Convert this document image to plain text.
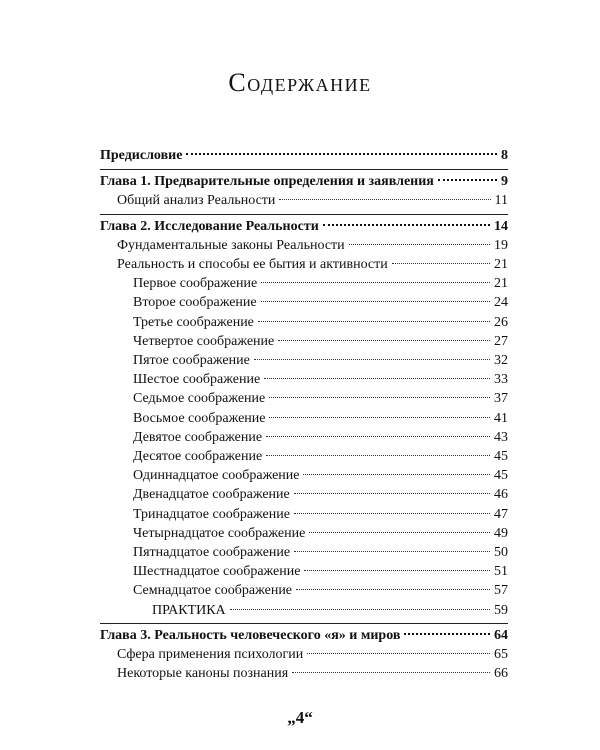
Содержание
Предисловие	8
Глава 1. Предварительные определения и заявления	9
Общий анализ Реальности	11
Глава 2. Исследование Реальности	14
Фундаментальные законы Реальности	19
Реальность и способы ее бытия и активности	21
Первое соображение	21
Второе соображение	24
Третье соображение	26
Четвертое соображение	27
Пятое соображение	32
Шестое соображение	33
Седьмое соображение	37
Восьмое соображение	41
Девятое соображение	43
Десятое соображение	45
Одиннадцатое соображение	45
Двенадцатое соображение	46
Тринадцатое соображение	47
Четырнадцатое соображение	49
Пятнадцатое соображение	50
Шестнадцатое соображение	51
Семнадцатое соображение	57
ПРАКТИКА	59
Глава 3. Реальность человеческого «я» и миров	64
Сфера применения психологии	65
Некоторые каноны познания	66
„4“
